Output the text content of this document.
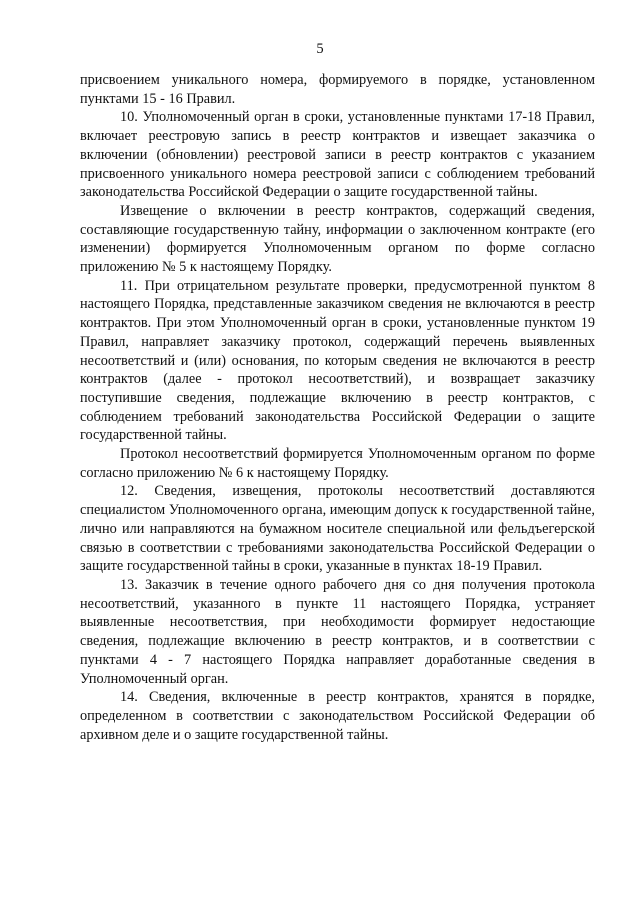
5

присвоением уникального номера, формируемого в порядке, установленном пунктами 15 - 16 Правил.

10. Уполномоченный орган в сроки, установленные пунктами 17-18 Правил, включает реестровую запись в реестр контрактов и извещает заказчика о включении (обновлении) реестровой записи в реестр контрактов с указанием присвоенного уникального номера реестровой записи с соблюдением требований законодательства Российской Федерации о защите государственной тайны.

Извещение о включении в реестр контрактов, содержащий сведения, составляющие государственную тайну, информации о заключенном контракте (его изменении) формируется Уполномоченным органом по форме согласно приложению № 5 к настоящему Порядку.

11. При отрицательном результате проверки, предусмотренной пунктом 8 настоящего Порядка, представленные заказчиком сведения не включаются в реестр контрактов. При этом Уполномоченный орган в сроки, установленные пунктом 19 Правил, направляет заказчику протокол, содержащий перечень выявленных несоответствий и (или) основания, по которым сведения не включаются в реестр контрактов (далее - протокол несоответствий), и возвращает заказчику поступившие сведения, подлежащие включению в реестр контрактов, с соблюдением требований законодательства Российской Федерации о защите государственной тайны.

Протокол несоответствий формируется Уполномоченным органом по форме согласно приложению № 6 к настоящему Порядку.

12. Сведения, извещения, протоколы несоответствий доставляются специалистом Уполномоченного органа, имеющим допуск к государственной тайне, лично или направляются на бумажном носителе специальной или фельдъегерской связью в соответствии с требованиями законодательства Российской Федерации о защите государственной тайны в сроки, указанные в пунктах 18-19 Правил.

13. Заказчик в течение одного рабочего дня со дня получения протокола несоответствий, указанного в пункте 11 настоящего Порядка, устраняет выявленные несоответствия, при необходимости формирует недостающие сведения, подлежащие включению в реестр контрактов, и в соответствии с пунктами 4 - 7 настоящего Порядка направляет доработанные сведения в Уполномоченный орган.

14. Сведения, включенные в реестр контрактов, хранятся в порядке, определенном в соответствии с законодательством Российской Федерации об архивном деле и о защите государственной тайны.
